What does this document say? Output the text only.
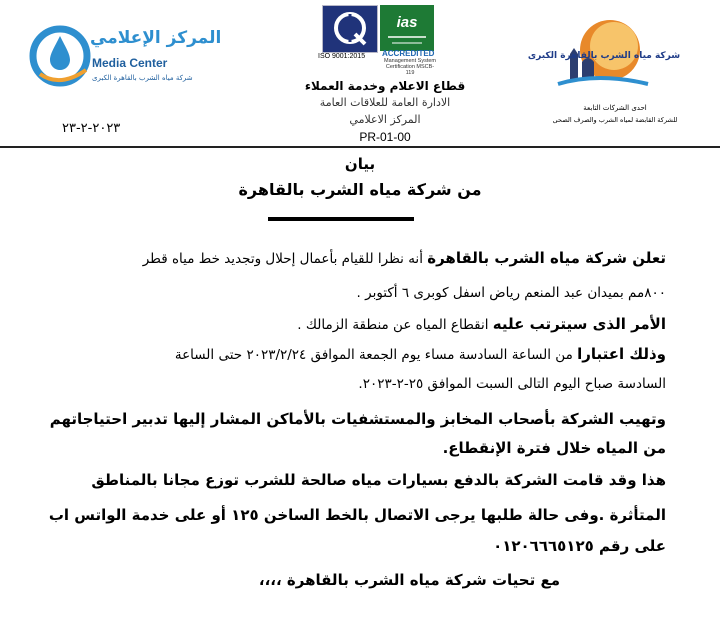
المركز الإعلامي
Media Center
شركة مياه الشرب بالقاهرة الكبرى
ias
ISO 9001:2015 ACCREDITED
Management System Certification MSCB-119
قطاع الاعلام وخدمة العملاء
الادارة العامة للعلاقات العامة
المركز الاعلامي
PR-01-00
٢٠٢٣-٢-٢٣
شركة مياه الشرب بالقاهرة الكبرى
احدى الشركات التابعة
للشركة القابضة لمياه الشرب والصرف الصحى
بيان
من شركة مياه الشرب بالقاهرة
تعلن شركة مياه الشرب بالقاهرة أنه نظرا للقيام بأعمال إحلال وتجديد خط مياه قطر
٨٠٠مم بميدان عبد المنعم رياض اسفل كوبرى ٦ أكتوبر .
الأمر الذى سيترتب عليه انقطاع المياه عن منطقة الزمالك .
وذلك اعتبارا من الساعة السادسة مساء يوم الجمعة الموافق ٢٠٢٣/٢/٢٤ حتى الساعة
السادسة صباح اليوم التالى السبت الموافق ٢٥-٢-٢٠٢٣.
وتهيب الشركة بأصحاب المخابز والمستشفيات بالأماكن المشار إليها تدبير احتياجاتهم
من المياه خلال فترة الإنقطاع.
هذا وقد قامت الشركة بالدفع بسيارات مياه صالحة للشرب توزع مجانا بالمناطق
المتأثرة .وفى حالة طلبها يرجى الاتصال بالخط الساخن ١٢٥ أو على خدمة الواتس اب
على رقم ٠١٢٠٦٦٦٥١٢٥
مع تحيات شركة مياه الشرب بالقاهرة ،،،،
